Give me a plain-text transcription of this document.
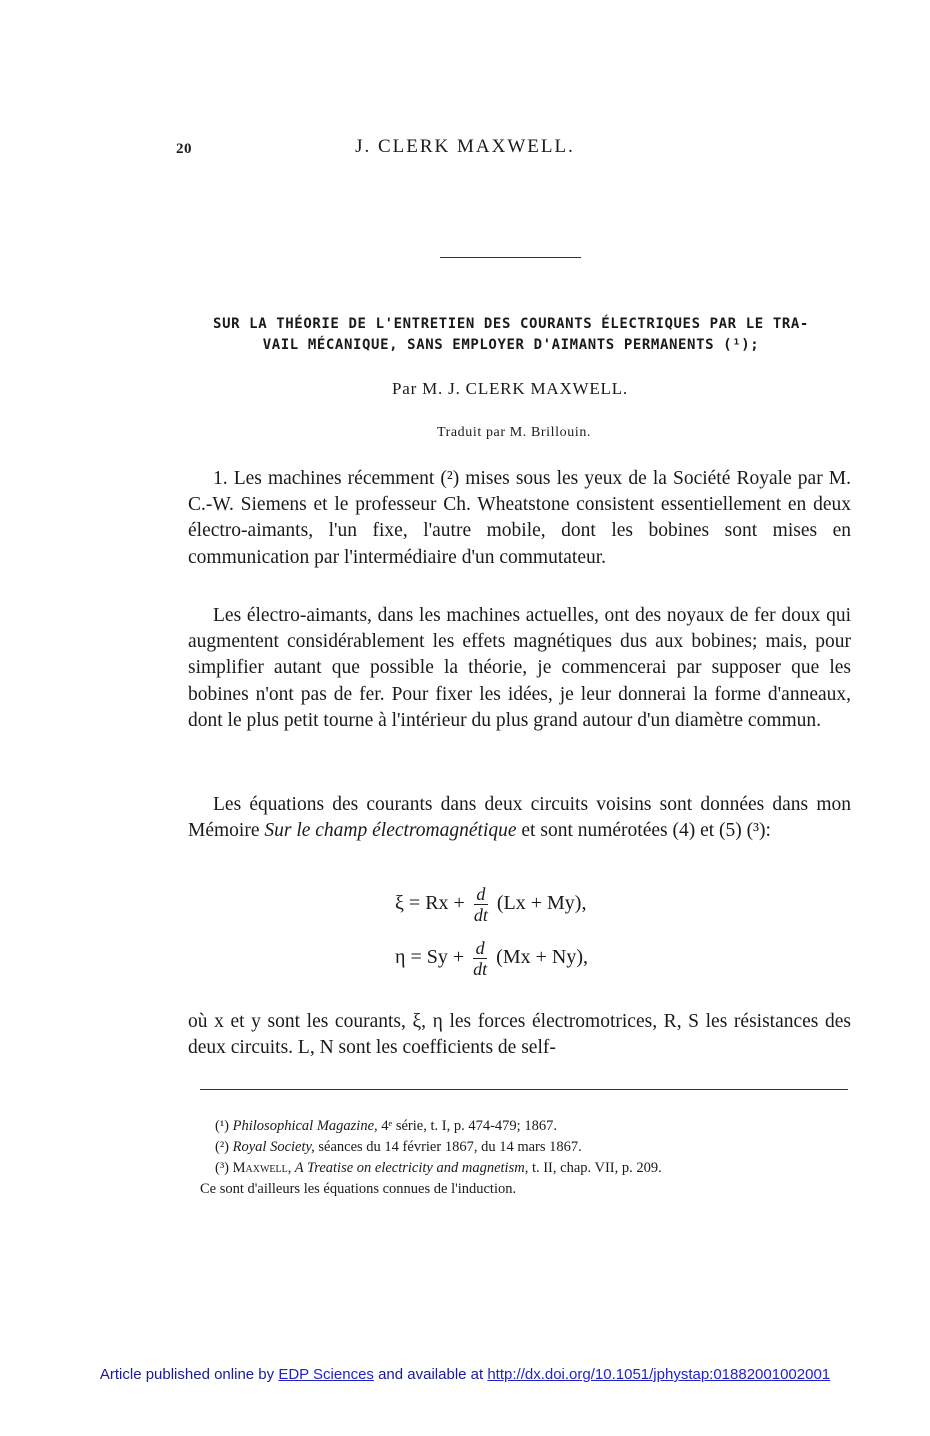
20	J. CLERK MAXWELL.
SUR LA THÉORIE DE L'ENTRETIEN DES COURANTS ÉLECTRIQUES PAR LE TRA-
VAIL MÉCANIQUE, SANS EMPLOYER D'AIMANTS PERMANENTS (¹);
Par M. J. CLERK MAXWELL.
Traduit par M. Brillouin.
1. Les machines récemment (²) mises sous les yeux de la Société Royale par M. C.-W. Siemens et le professeur Ch. Wheatstone consistent essentiellement en deux électro-aimants, l'un fixe, l'autre mobile, dont les bobines sont mises en communication par l'intermédiaire d'un commutateur.
Les électro-aimants, dans les machines actuelles, ont des noyaux de fer doux qui augmentent considérablement les effets magnétiques dus aux bobines; mais, pour simplifier autant que possible la théorie, je commencerai par supposer que les bobines n'ont pas de fer. Pour fixer les idées, je leur donnerai la forme d'anneaux, dont le plus petit tourne à l'intérieur du plus grand autour d'un diamètre commun.
Les équations des courants dans deux circuits voisins sont données dans mon Mémoire Sur le champ électromagnétique et sont numérotées (4) et (5) (³):
$\xi = Rx + \frac{d}{dt} (Lx + My)$,
$\eta = Sy + \frac{d}{dt} (Mx + Ny)$,
où x et y sont les courants, ξ, η les forces électromotrices, R, S les résistances des deux circuits. L, N sont les coefficients de self-
(¹) Philosophical Magazine, 4ᵉ série, t. I, p. 474-479; 1867.
(²) Royal Society, séances du 14 février 1867, du 14 mars 1867.
(³) Maxwell, A Treatise on electricity and magnetism, t. II, chap. VII, p. 209.
Ce sont d'ailleurs les équations connues de l'induction.
Article published online by EDP Sciences and available at http://dx.doi.org/10.1051/jphystap:01882001002001
